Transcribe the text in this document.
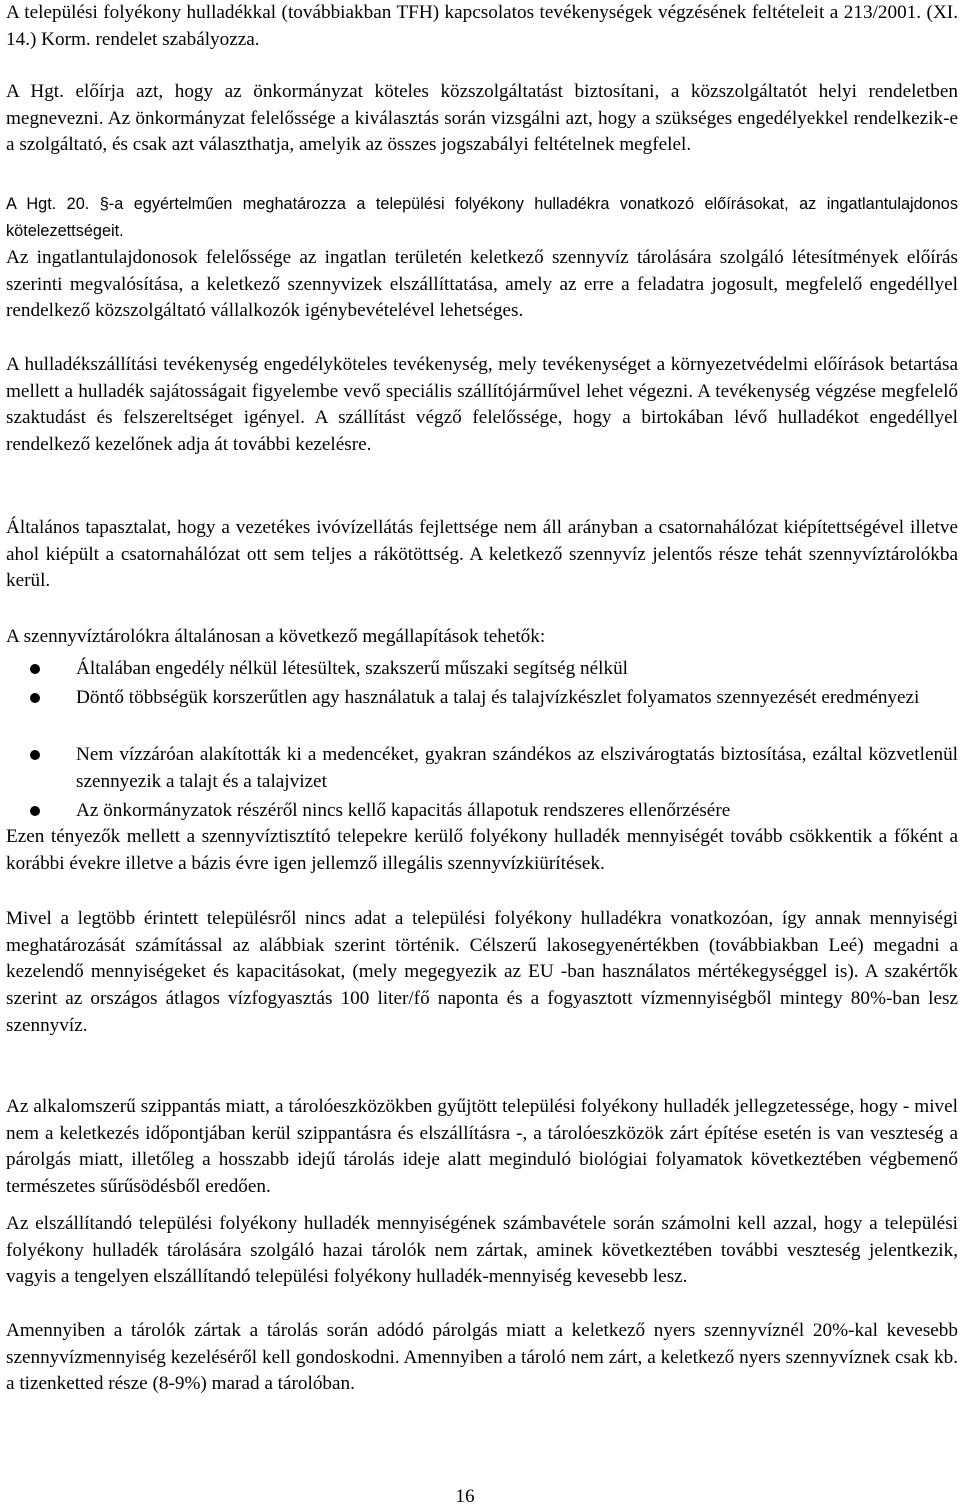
A települési folyékony hulladékkal (továbbiakban TFH) kapcsolatos tevékenységek végzésének feltételeit a 213/2001. (XI. 14.) Korm. rendelet szabályozza.

A Hgt. előírja azt, hogy az önkormányzat köteles közszolgáltatást biztosítani, a közszolgáltatót helyi rendeletben megnevezni. Az önkormányzat felelőssége a kiválasztás során vizsgálni azt, hogy a szükséges engedélyekkel rendelkezik-e a szolgáltató, és csak azt választhatja, amelyik az összes jogszabályi feltételnek megfelel.

A Hgt. 20. §-a egyértelműen meghatározza a települési folyékony hulladékra vonatkozó előírásokat, az ingatlantulajdonos kötelezettségeit.

Az ingatlantulajdonosok felelőssége az ingatlan területén keletkező szennyvíz tárolására szolgáló létesítmények előírás szerinti megvalósítása, a keletkező szennyvizek elszállíttatása, amely az erre a feladatra jogosult, megfelelő engedéllyel rendelkező közszolgáltató vállalkozók igénybevételével lehetséges.

A hulladékszállítási tevékenység engedélyköteles tevékenység, mely tevékenységet a környezetvédelmi előírások betartása mellett a hulladék sajátosságait figyelembe vevő speciális szállítójárművel lehet végezni. A tevékenység végzése megfelelő szaktudást és felszereltséget igényel. A szállítást végző felelőssége, hogy a birtokában lévő hulladékot engedéllyel rendelkező kezelőnek adja át további kezelésre.

Általános tapasztalat, hogy a vezetékes ivóvízellátás fejlettsége nem áll arányban a csatornahálózat kiépítettségével illetve ahol kiépült a csatornahálózat ott sem teljes a rákötöttség. A keletkező szennyvíz jelentős része tehát szennyvíztárolókba kerül.

A szennyvíztárolókra általánosan a következő megállapítások tehetők:

Általában engedély nélkül létesültek, szakszerű műszaki segítség nélkül
Döntő többségük korszerűtlen agy használatuk a talaj és talajvízkészlet folyamatos szennyezését eredményezi
Nem vízzáróan alakították ki a medencéket, gyakran szándékos az elszivárogtatás biztosítása, ezáltal közvetlenül szennyezik a talajt és a talajvizet
Az önkormányzatok részéről nincs kellő kapacitás állapotuk rendszeres ellenőrzésére

Ezen tényezők mellett a szennyvíztisztító telepekre kerülő folyékony hulladék mennyiségét tovább csökkentik a főként a korábbi évekre illetve a bázis évre igen jellemző illegális szennyvízkiürítések.

Mivel a legtöbb érintett településről nincs adat a települési folyékony hulladékra vonatkozóan, így annak mennyiségi meghatározását számítással az alábbiak szerint történik. Célszerű lakosegyenértékben (továbbiakban Leé) megadni a kezelendő mennyiségeket és kapacitásokat, (mely megegyezik az EU -ban használatos mértékegységgel is). A szakértők szerint az országos átlagos vízfogyasztás 100 liter/fő naponta és a fogyasztott vízmennyiségből mintegy 80%-ban lesz szennyvíz.

Az alkalomszerű szippantás miatt, a tárolóeszközökben gyűjtött települési folyékony hulladék jellegzetessége, hogy - mivel nem a keletkezés időpontjában kerül szippantásra és elszállításra -, a tárolóeszközök zárt építése esetén is van veszteség a párolgás miatt, illetőleg a hosszabb idejű tárolás ideje alatt meginduló biológiai folyamatok következtében végbemenő természetes sűrűsödésből eredően.

Az elszállítandó települési folyékony hulladék mennyiségének számbavétele során számolni kell azzal, hogy a települési folyékony hulladék tárolására szolgáló hazai tárolók nem zártak, aminek következtében további veszteség jelentkezik, vagyis a tengelyen elszállítandó települési folyékony hulladék-mennyiség kevesebb lesz.

Amennyiben a tárolók zártak a tárolás során adódó párolgás miatt a keletkező nyers szennyvíznél 20%-kal kevesebb szennyvízmennyiség kezeléséről kell gondoskodni. Amennyiben a tároló nem zárt, a keletkező nyers szennyvíznek csak kb. a tizenketted része (8-9%) marad a tárolóban.

16
